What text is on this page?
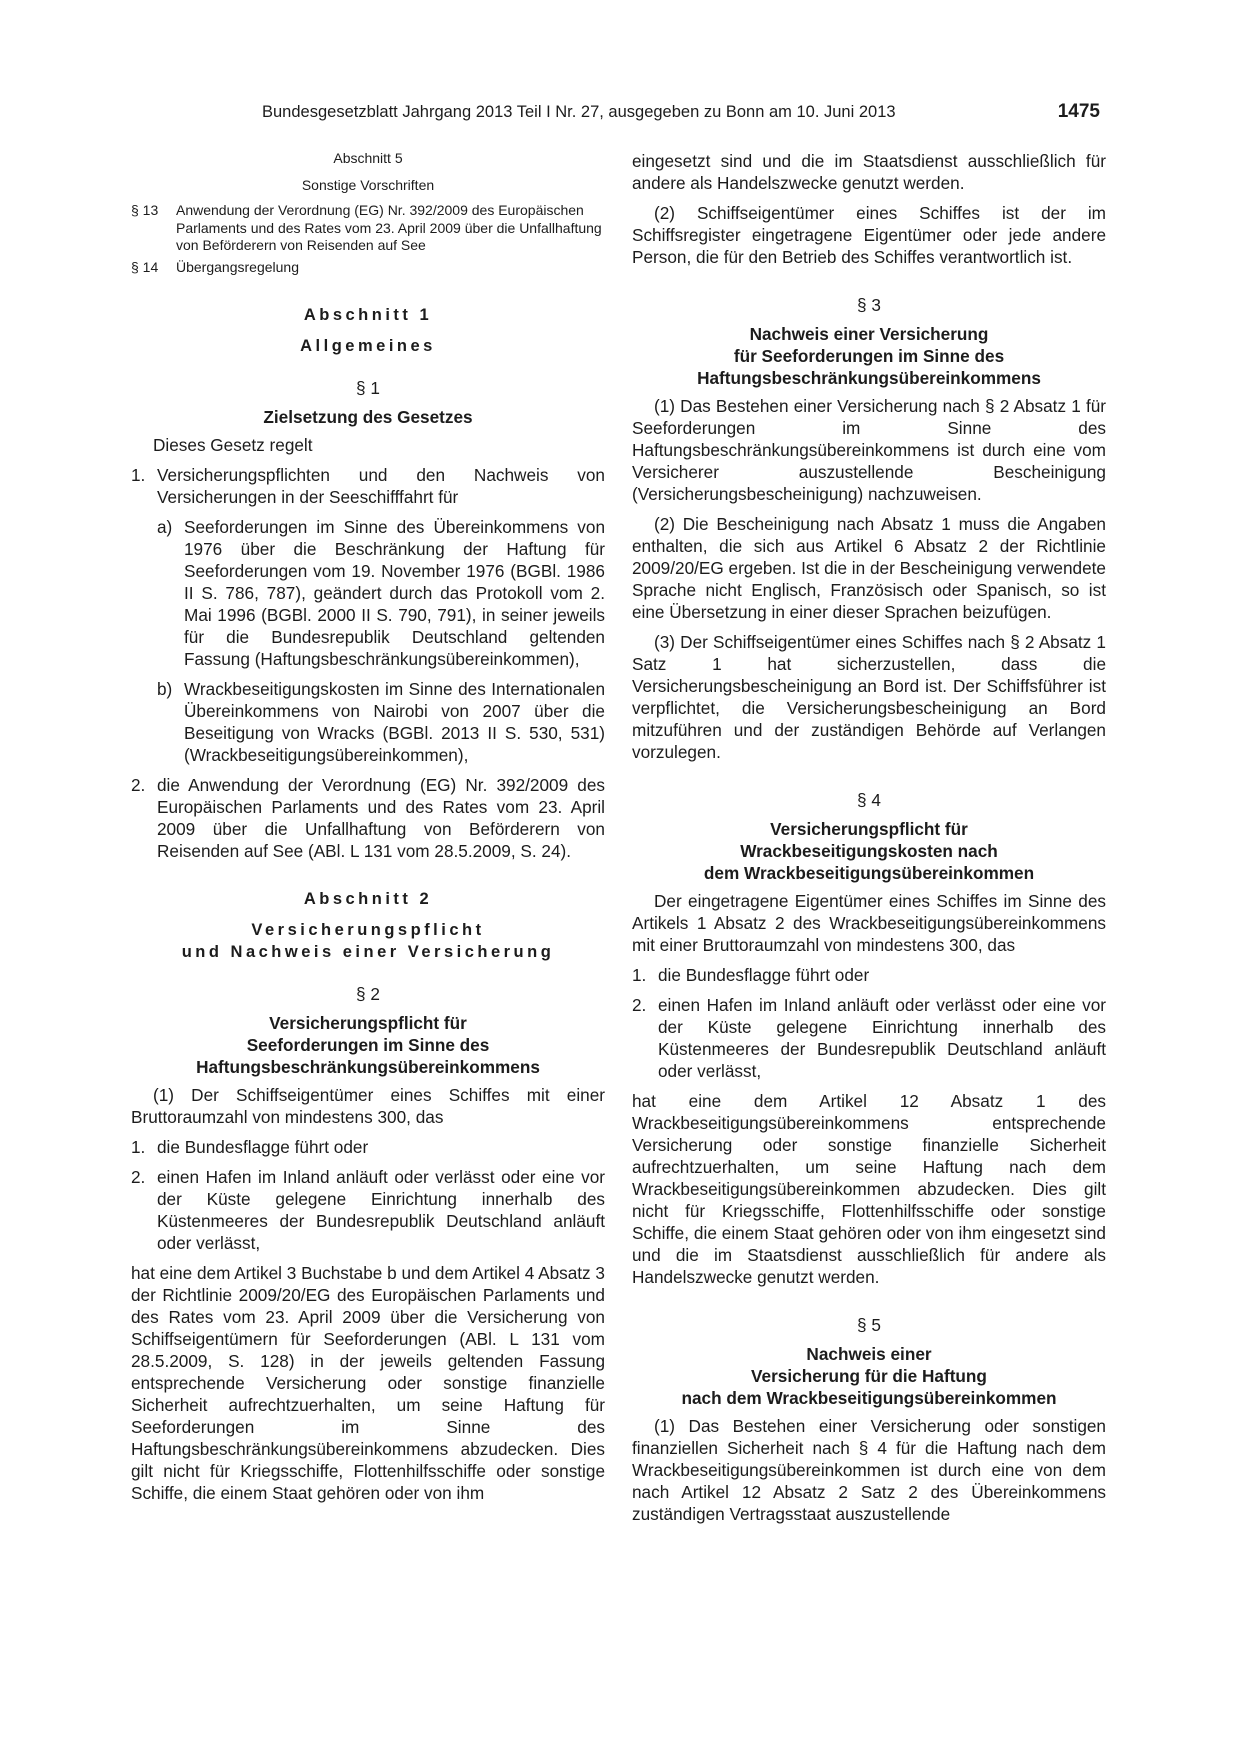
Bundesgesetzblatt Jahrgang 2013 Teil I Nr. 27, ausgegeben zu Bonn am 10. Juni 2013	1475
Abschnitt 5
Sonstige Vorschriften
§ 13	Anwendung der Verordnung (EG) Nr. 392/2009 des Europäischen Parlaments und des Rates vom 23. April 2009 über die Unfallhaftung von Beförderern von Reisenden auf See
§ 14	Übergangsregelung
Abschnitt 1
Allgemeines
§ 1
Zielsetzung des Gesetzes
Dieses Gesetz regelt
1. Versicherungspflichten und den Nachweis von Versicherungen in der Seeschifffahrt für
a) Seeforderungen im Sinne des Übereinkommens von 1976 über die Beschränkung der Haftung für Seeforderungen vom 19. November 1976 (BGBl. 1986 II S. 786, 787), geändert durch das Protokoll vom 2. Mai 1996 (BGBl. 2000 II S. 790, 791), in seiner jeweils für die Bundesrepublik Deutschland geltenden Fassung (Haftungsbeschränkungsübereinkommen),
b) Wrackbeseitigungskosten im Sinne des Internationalen Übereinkommens von Nairobi von 2007 über die Beseitigung von Wracks (BGBl. 2013 II S. 530, 531) (Wrackbeseitigungsübereinkommen),
2. die Anwendung der Verordnung (EG) Nr. 392/2009 des Europäischen Parlaments und des Rates vom 23. April 2009 über die Unfallhaftung von Beförderern von Reisenden auf See (ABl. L 131 vom 28.5.2009, S. 24).
Abschnitt 2
Versicherungspflicht
und Nachweis einer Versicherung
§ 2
Versicherungspflicht für
Seeforderungen im Sinne des
Haftungsbeschränkungsübereinkommens
(1) Der Schiffseigentümer eines Schiffes mit einer Bruttoraumzahl von mindestens 300, das
1. die Bundesflagge führt oder
2. einen Hafen im Inland anläuft oder verlässt oder eine vor der Küste gelegene Einrichtung innerhalb des Küstenmeeres der Bundesrepublik Deutschland anläuft oder verlässt,
hat eine dem Artikel 3 Buchstabe b und dem Artikel 4 Absatz 3 der Richtlinie 2009/20/EG des Europäischen Parlaments und des Rates vom 23. April 2009 über die Versicherung von Schiffseigentümern für Seeforderungen (ABl. L 131 vom 28.5.2009, S. 128) in der jeweils geltenden Fassung entsprechende Versicherung oder sonstige finanzielle Sicherheit aufrechtzuerhalten, um seine Haftung für Seeforderungen im Sinne des Haftungsbeschränkungsübereinkommens abzudecken. Dies gilt nicht für Kriegsschiffe, Flottenhilfsschiffe oder sonstige Schiffe, die einem Staat gehören oder von ihm
eingesetzt sind und die im Staatsdienst ausschließlich für andere als Handelszwecke genutzt werden.
(2) Schiffseigentümer eines Schiffes ist der im Schiffsregister eingetragene Eigentümer oder jede andere Person, die für den Betrieb des Schiffes verantwortlich ist.
§ 3
Nachweis einer Versicherung
für Seeforderungen im Sinne des
Haftungsbeschränkungsübereinkommens
(1) Das Bestehen einer Versicherung nach § 2 Absatz 1 für Seeforderungen im Sinne des Haftungsbeschränkungsübereinkommens ist durch eine vom Versicherer auszustellende Bescheinigung (Versicherungsbescheinigung) nachzuweisen.
(2) Die Bescheinigung nach Absatz 1 muss die Angaben enthalten, die sich aus Artikel 6 Absatz 2 der Richtlinie 2009/20/EG ergeben. Ist die in der Bescheinigung verwendete Sprache nicht Englisch, Französisch oder Spanisch, so ist eine Übersetzung in einer dieser Sprachen beizufügen.
(3) Der Schiffseigentümer eines Schiffes nach § 2 Absatz 1 Satz 1 hat sicherzustellen, dass die Versicherungsbescheinigung an Bord ist. Der Schiffsführer ist verpflichtet, die Versicherungsbescheinigung an Bord mitzuführen und der zuständigen Behörde auf Verlangen vorzulegen.
§ 4
Versicherungspflicht für
Wrackbeseitigungskosten nach
dem Wrackbeseitigungsübereinkommen
Der eingetragene Eigentümer eines Schiffes im Sinne des Artikels 1 Absatz 2 des Wrackbeseitigungsübereinkommens mit einer Bruttoraumzahl von mindestens 300, das
1. die Bundesflagge führt oder
2. einen Hafen im Inland anläuft oder verlässt oder eine vor der Küste gelegene Einrichtung innerhalb des Küstenmeeres der Bundesrepublik Deutschland anläuft oder verlässt,
hat eine dem Artikel 12 Absatz 1 des Wrackbeseitigungsübereinkommens entsprechende Versicherung oder sonstige finanzielle Sicherheit aufrechtzuerhalten, um seine Haftung nach dem Wrackbeseitigungsübereinkommen abzudecken. Dies gilt nicht für Kriegsschiffe, Flottenhilfsschiffe oder sonstige Schiffe, die einem Staat gehören oder von ihm eingesetzt sind und die im Staatsdienst ausschließlich für andere als Handelszwecke genutzt werden.
§ 5
Nachweis einer
Versicherung für die Haftung
nach dem Wrackbeseitigungsübereinkommen
(1) Das Bestehen einer Versicherung oder sonstigen finanziellen Sicherheit nach § 4 für die Haftung nach dem Wrackbeseitigungsübereinkommen ist durch eine von dem nach Artikel 12 Absatz 2 Satz 2 des Übereinkommens zuständigen Vertragsstaat auszustellende
